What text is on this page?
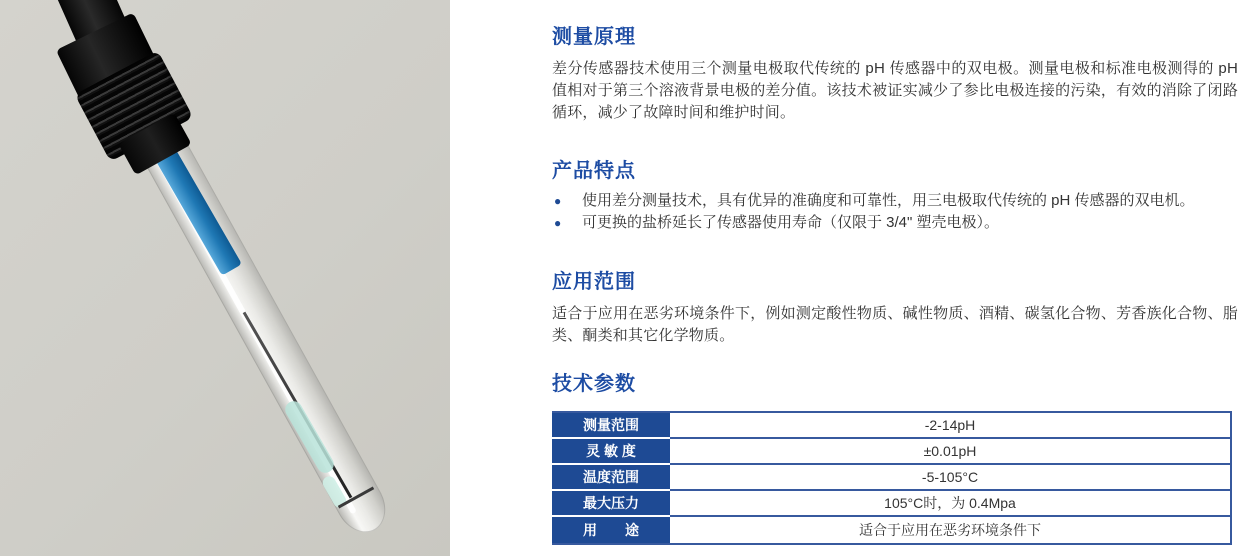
测量原理

差分传感器技术使用三个测量电极取代传统的 pH 传感器中的双电极。测量电极和标准电极测得的 pH 值相对于第三个溶液背景电极的差分值。该技术被证实减少了参比电极连接的污染，有效的消除了闭路循环，减少了故障时间和维护时间。

产品特点
●	使用差分测量技术，具有优异的准确度和可靠性，用三电极取代传统的 pH 传感器的双电机。
●	可更换的盐桥延长了传感器使用寿命（仅限于 3/4" 塑壳电极）。
应用范围

适合于应用在恶劣环境条件下，例如测定酸性物质、碱性物质、酒精、碳氢化合物、芳香族化合物、脂类、酮类和其它化学物质。

技术参数
测量范围	-2-14pH
灵 敏 度	±0.01pH
温度范围	-5-105°C
最大压力	105°C时，为 0.4Mpa
用　　途	适合于应用在恶劣环境条件下
